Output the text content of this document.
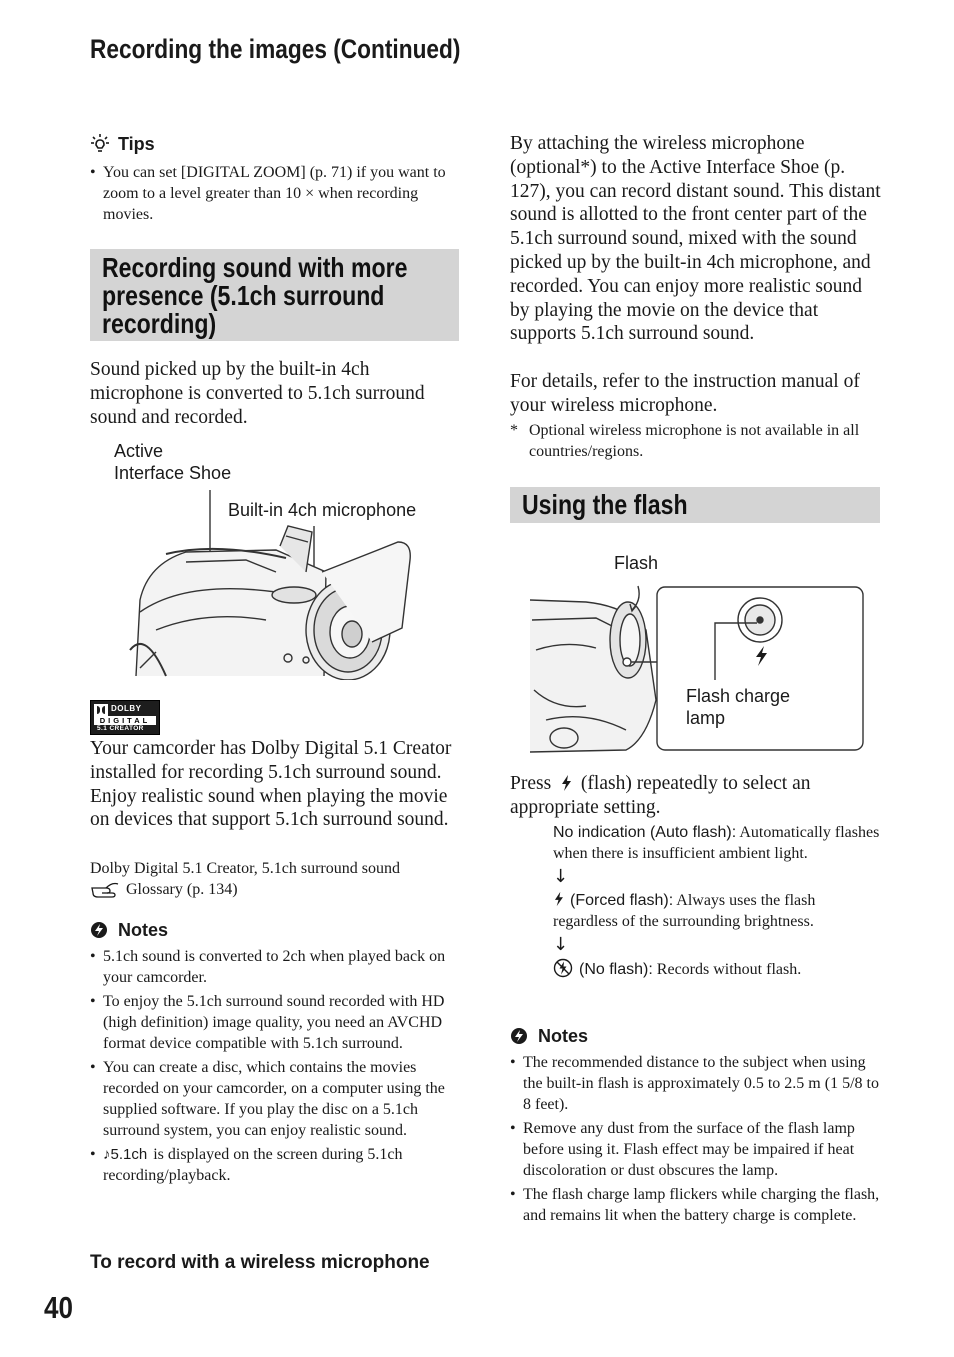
Recording the images (Continued)
Tips
• You can set [DIGITAL ZOOM] (p. 71) if you want to zoom to a level greater than 10 × when recording movies.
Recording sound with more
presence (5.1ch surround
recording)

Sound picked up by the built-in 4ch microphone is converted to 5.1ch surround sound and recorded.

Active
Interface Shoe
Built-in 4ch microphone
DOLBY
DIGITAL
5.1 CREATOR

Your camcorder has Dolby Digital 5.1 Creator installed for recording 5.1ch surround sound. Enjoy realistic sound when playing the movie on devices that support 5.1ch surround sound.

Dolby Digital 5.1 Creator, 5.1ch surround sound
Glossary (p. 134)
Notes
• 5.1ch sound is converted to 2ch when played back on your camcorder.
• To enjoy the 5.1ch surround sound recorded with HD (high definition) image quality, you need an AVCHD format device compatible with 5.1ch surround.
• You can create a disc, which contains the movies recorded on your camcorder, on a computer using the supplied software. If you play the disc on a 5.1ch surround system, you can enjoy realistic sound.
• ♪5.1ch is displayed on the screen during 5.1ch recording/playback.
To record with a wireless microphone
40

By attaching the wireless microphone (optional*) to the Active Interface Shoe (p. 127), you can record distant sound. This distant sound is allotted to the front center part of the 5.1ch surround sound, mixed with the sound picked up by the built-in 4ch microphone, and recorded. You can enjoy more realistic sound by playing the movie on the device that supports 5.1ch surround sound.

For details, refer to the instruction manual of your wireless microphone.

* Optional wireless microphone is not available in all countries/regions.
Using the flash
Flash
Flash charge
lamp

Press (flash) repeatedly to select an appropriate setting.

No indication (Auto flash): Automatically flashes when there is insufficient ambient light.
↓
(Forced flash): Always uses the flash regardless of the surrounding brightness.
↓
(No flash): Records without flash.
Notes
• The recommended distance to the subject when using the built-in flash is approximately 0.5 to 2.5 m (1 5/8 to 8 feet).
• Remove any dust from the surface of the flash lamp before using it. Flash effect may be impaired if heat discoloration or dust obscures the lamp.
• The flash charge lamp flickers while charging the flash, and remains lit when the battery charge is complete.
